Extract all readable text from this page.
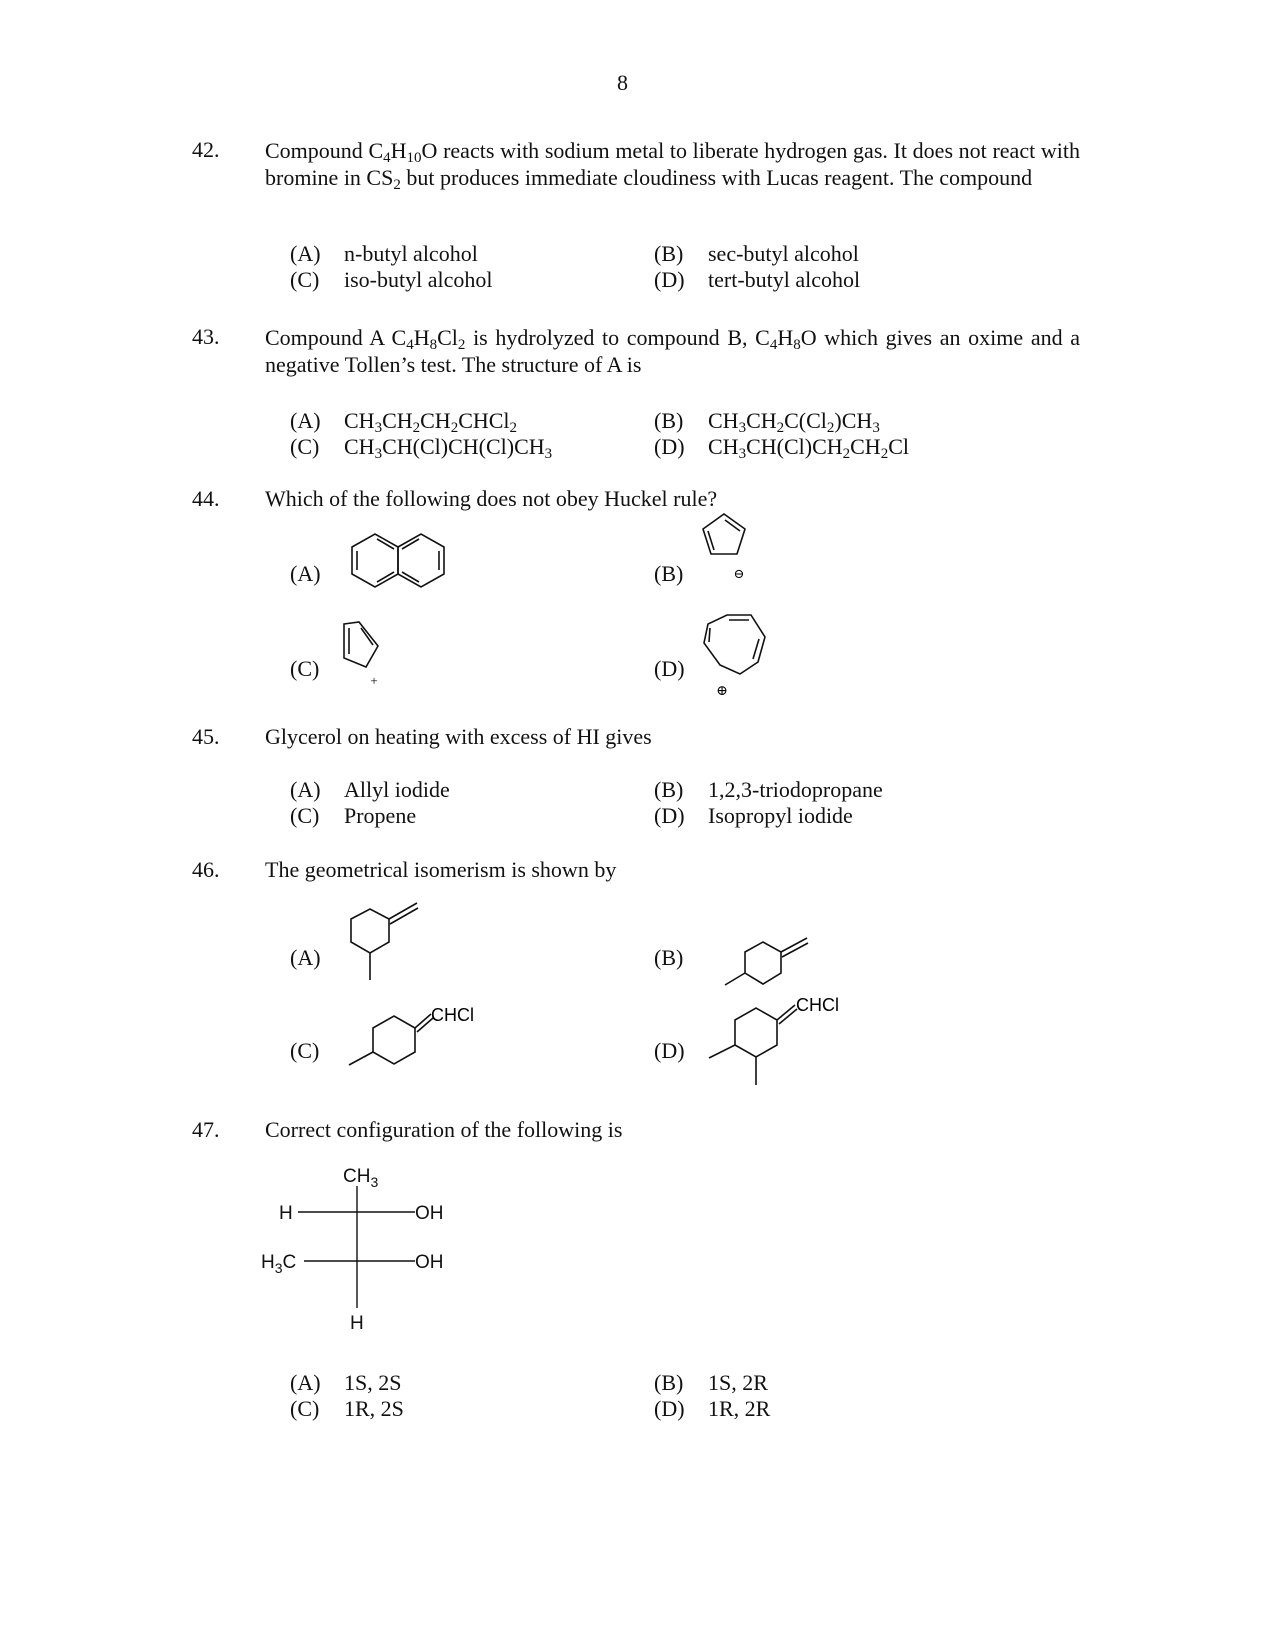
8
42. Compound $C_4H_{10}O$ reacts with sodium metal to liberate hydrogen gas. It does not react with bromine in $CS_2$ but produces immediate cloudiness with Lucas reagent. The compound
(A) n-butyl alcohol	(B) sec-butyl alcohol
(C) iso-butyl alcohol	(D) tert-butyl alcohol
43. Compound A $C_4H_8Cl_2$ is hydrolyzed to compound B, $C_4H_8O$ which gives an oxime and a negative Tollen’s test. The structure of A is
(A) $CH_3CH_2CH_2CHCl_2$	(B) $CH_3CH_2C(Cl_2)CH_3$
(C) $CH_3CH(Cl)CH(Cl)CH_3$	(D) $CH_3CH(Cl)CH_2CH_2Cl$
44. Which of the following does not obey Huckel rule?
(A)	(B)
(C)	(D)
⊖
+
⊕
45. Glycerol on heating with excess of HI gives
(A) Allyl iodide	(B) 1,2,3-triodopropane
(C) Propene	(D) Isopropyl iodide
46. The geometrical isomerism is shown by
(A)	(B)
(C)	(D)
CHCl	CHCl
47. Correct configuration of the following is
$CH_3$
H	OH
$H_3C$	OH
H
(A) 1S, 2S	(B) 1S, 2R
(C) 1R, 2S	(D) 1R, 2R
